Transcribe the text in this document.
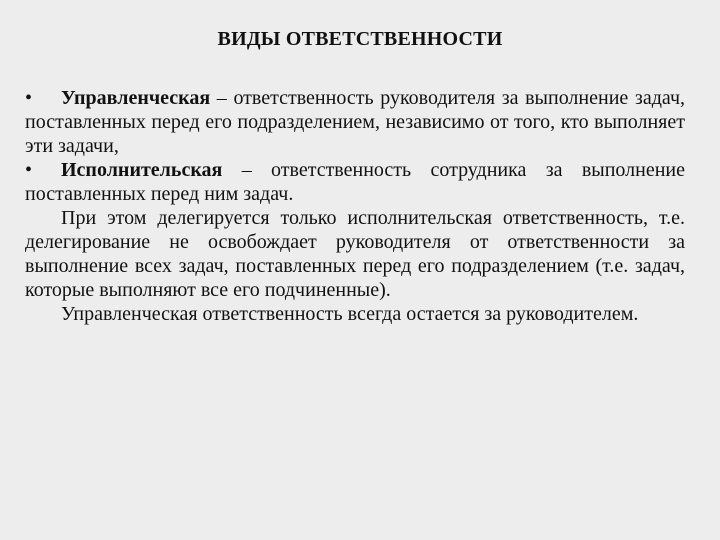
ВИДЫ ОТВЕТСТВЕННОСТИ

• Управленческая – ответственность руководителя за выполнение задач, поставленных перед его подразделением, независимо от того, кто выполняет эти задачи,

• Исполнительская – ответственность сотрудника за выполнение поставленных перед ним задач.

При этом делегируется только исполнительская ответственность, т.е. делегирование не освобождает руководителя от ответственности за выполнение всех задач, поставленных перед его подразделением (т.е. задач, которые выполняют все его подчиненные).

Управленческая ответственность всегда остается за руководителем.
